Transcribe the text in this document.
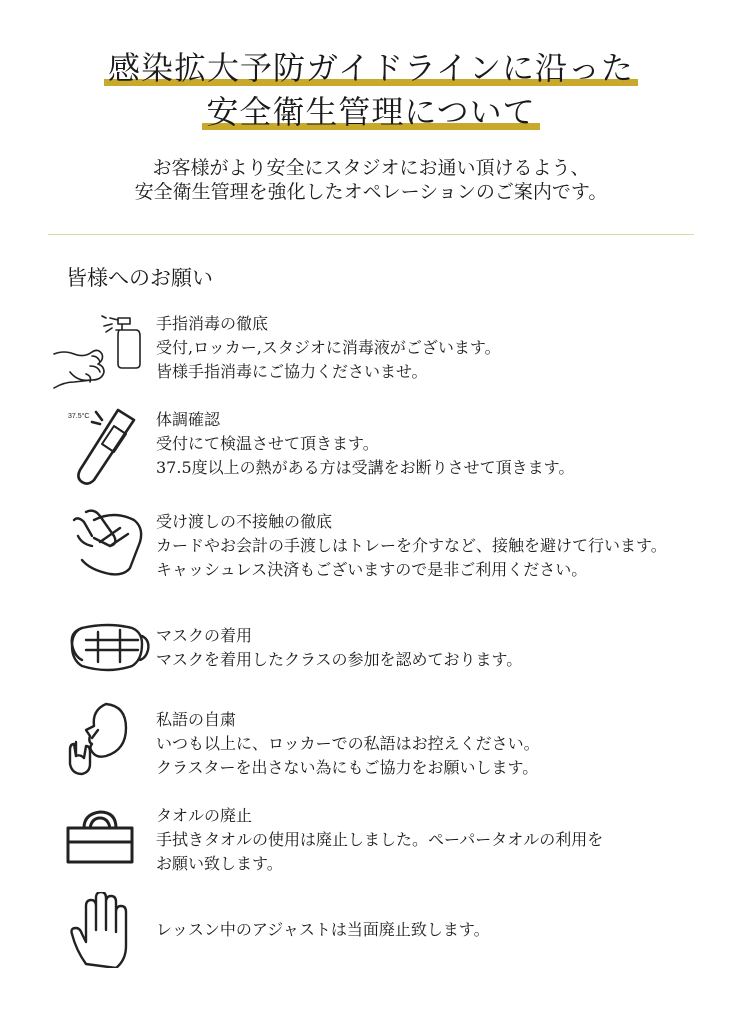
感染拡大予防ガイドラインに沿った
安全衛生管理について
お客様がより安全にスタジオにお通い頂けるよう、
安全衛生管理を強化したオペレーションのご案内です。
皆様へのお願い
手指消毒の徹底
受付,ロッカー,スタジオに消毒液がございます。
皆様手指消毒にご協力くださいませ。
37.5°C	体調確認
受付にて検温させて頂きます。
37.5度以上の熱がある方は受講をお断りさせて頂きます。
受け渡しの不接触の徹底
カードやお会計の手渡しはトレーを介すなど、接触を避けて行います。
キャッシュレス決済もございますので是非ご利用ください。
マスクの着用
マスクを着用したクラスの参加を認めております。
私語の自粛
いつも以上に、ロッカーでの私語はお控えください。
クラスターを出さない為にもご協力をお願いします。
タオルの廃止
手拭きタオルの使用は廃止しました。ペーパータオルの利用を
お願い致します。
レッスン中のアジャストは当面廃止致します。
